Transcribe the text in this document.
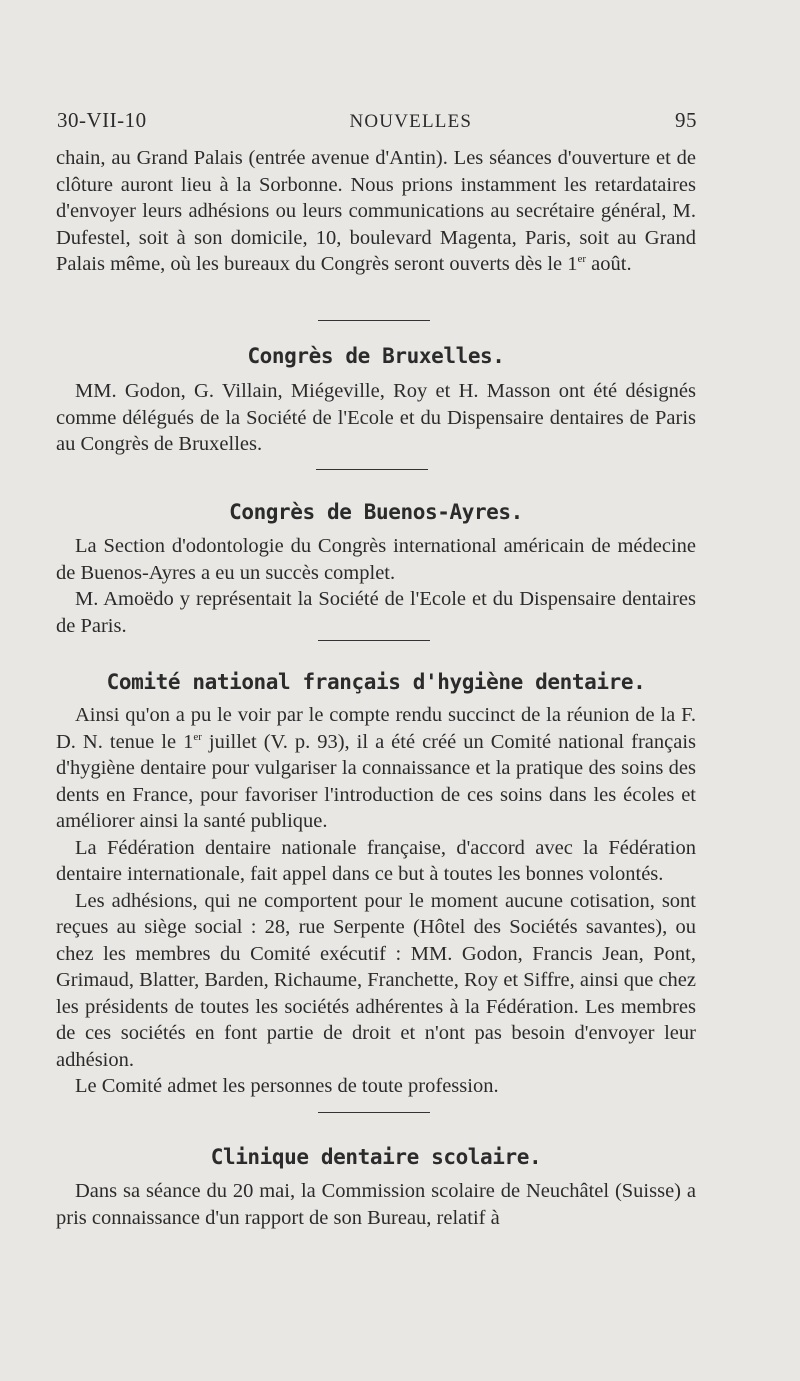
30-VII-10	NOUVELLES	95

chain, au Grand Palais (entrée avenue d'Antin). Les séances d'ouverture et de clôture auront lieu à la Sorbonne. Nous prions instamment les retardataires d'envoyer leurs adhésions ou leurs communications au secrétaire général, M. Dufestel, soit à son domicile, 10, boulevard Magenta, Paris, soit au Grand Palais même, où les bureaux du Congrès seront ouverts dès le 1er août.

Congrès de Bruxelles.

MM. Godon, G. Villain, Miégeville, Roy et H. Masson ont été désignés comme délégués de la Société de l'Ecole et du Dispensaire dentaires de Paris au Congrès de Bruxelles.

Congrès de Buenos-Ayres.

La Section d'odontologie du Congrès international américain de médecine de Buenos-Ayres a eu un succès complet.

M. Amoëdo y représentait la Société de l'Ecole et du Dispensaire dentaires de Paris.

Comité national français d'hygiène dentaire.

Ainsi qu'on a pu le voir par le compte rendu succinct de la réunion de la F. D. N. tenue le 1er juillet (V. p. 93), il a été créé un Comité national français d'hygiène dentaire pour vulgariser la connaissance et la pratique des soins des dents en France, pour favoriser l'introduction de ces soins dans les écoles et améliorer ainsi la santé publique.

La Fédération dentaire nationale française, d'accord avec la Fédération dentaire internationale, fait appel dans ce but à toutes les bonnes volontés.

Les adhésions, qui ne comportent pour le moment aucune cotisation, sont reçues au siège social : 28, rue Serpente (Hôtel des Sociétés savantes), ou chez les membres du Comité exécutif : MM. Godon, Francis Jean, Pont, Grimaud, Blatter, Barden, Richaume, Franchette, Roy et Siffre, ainsi que chez les présidents de toutes les sociétés adhérentes à la Fédération. Les membres de ces sociétés en font partie de droit et n'ont pas besoin d'envoyer leur adhésion.

Le Comité admet les personnes de toute profession.

Clinique dentaire scolaire.

Dans sa séance du 20 mai, la Commission scolaire de Neuchâtel (Suisse) a pris connaissance d'un rapport de son Bureau, relatif à
